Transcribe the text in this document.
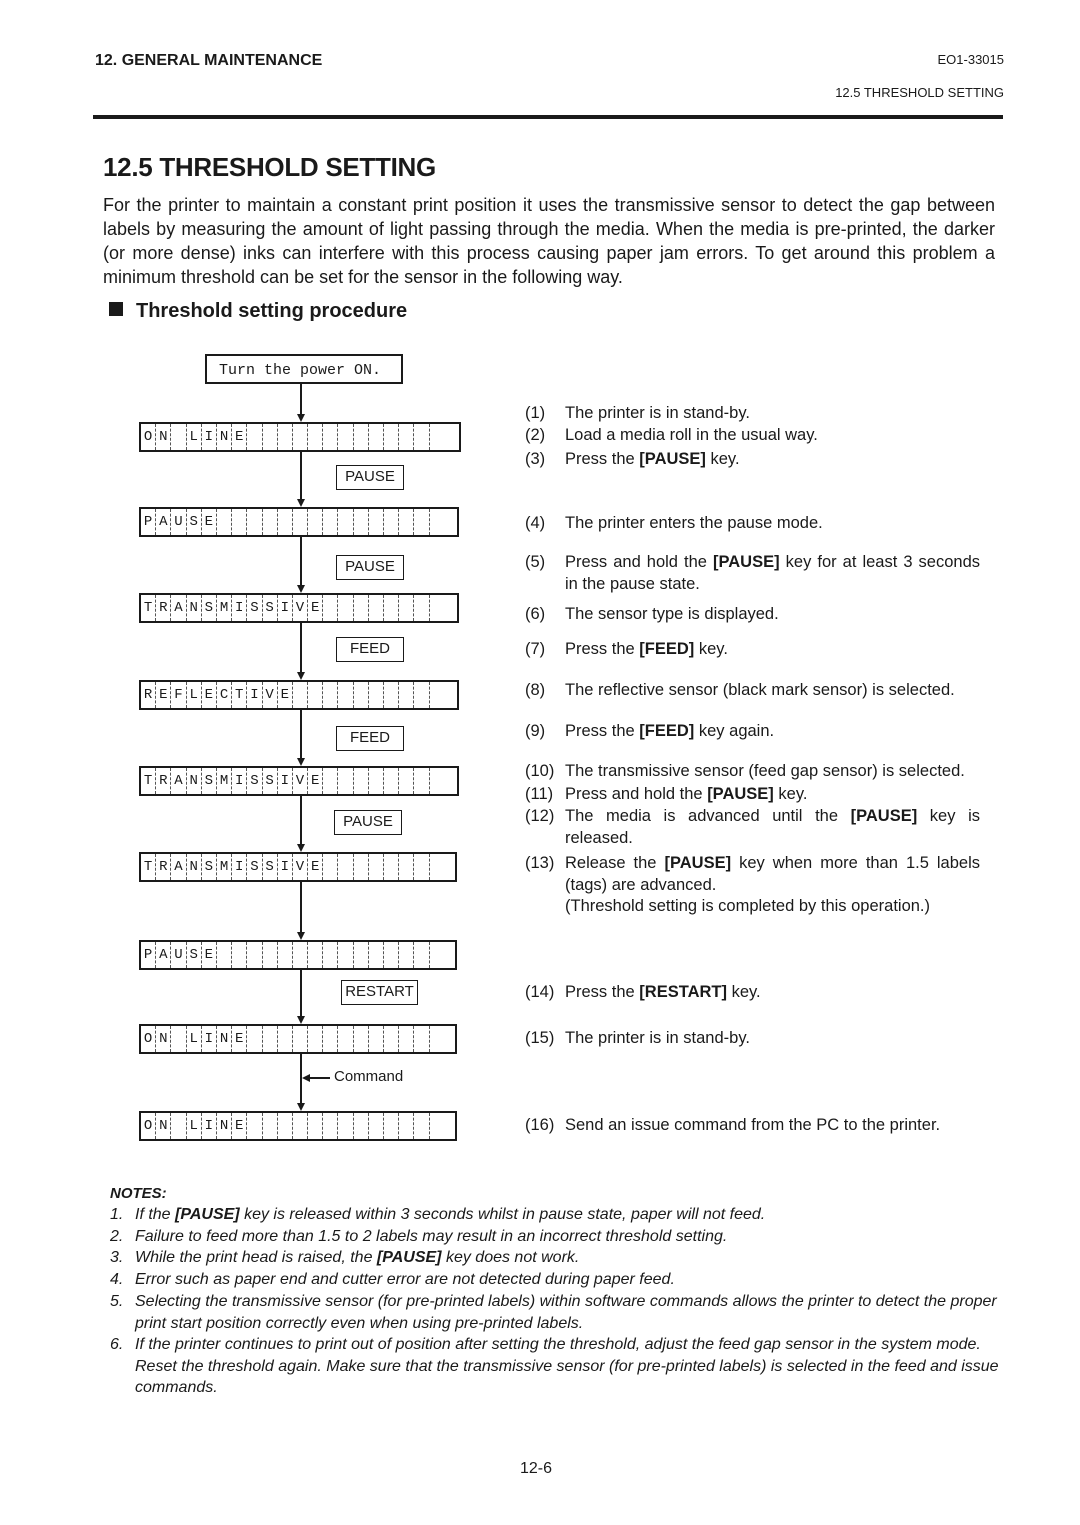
12. GENERAL MAINTENANCE	EO1-33015
12.5 THRESHOLD SETTING
12.5 THRESHOLD SETTING
For the printer to maintain a constant print position it uses the transmissive sensor to detect the gap between labels by measuring the amount of light passing through the media. When the media is pre-printed, the darker (or more dense) inks can interfere with this process causing paper jam errors. To get around this problem a minimum threshold can be set for the sensor in the following way.
Threshold setting procedure
Turn the power ON.
O N L I N E
PAUSE
P A U S E
PAUSE
T R A N S M I S S I V E
FEED
R E F L E C T I V E
FEED
T R A N S M I S S I V E
PAUSE
T R A N S M I S S I V E
P A U S E
RESTART
O N L I N E
Command
O N L I N E
(1)	The printer is in stand-by.
(2)	Load a media roll in the usual way.
(3)	Press the [PAUSE] key.
(4)	The printer enters the pause mode.
(5)	Press and hold the [PAUSE] key for at least 3 seconds in the pause state.
(6)	The sensor type is displayed.
(7)	Press the [FEED] key.
(8)	The reflective sensor (black mark sensor) is selected.
(9)	Press the [FEED] key again.
(10) The transmissive sensor (feed gap sensor) is selected.
(11) Press and hold the [PAUSE] key.
(12) The media is advanced until the [PAUSE] key is released.
(13) Release the [PAUSE] key when more than 1.5 labels (tags) are advanced.
(Threshold setting is completed by this operation.)
(14) Press the [RESTART] key.
(15) The printer is in stand-by.
(16) Send an issue command from the PC to the printer.
NOTES:
1. If the [PAUSE] key is released within 3 seconds whilst in pause state, paper will not feed.
2. Failure to feed more than 1.5 to 2 labels may result in an incorrect threshold setting.
3. While the print head is raised, the [PAUSE] key does not work.
4. Error such as paper end and cutter error are not detected during paper feed.
5. Selecting the transmissive sensor (for pre-printed labels) within software commands allows the printer to detect the proper print start position correctly even when using pre-printed labels.
6. If the printer continues to print out of position after setting the threshold, adjust the feed gap sensor in the system mode. Reset the threshold again. Make sure that the transmissive sensor (for pre-printed labels) is selected in the feed and issue commands.
12-6
